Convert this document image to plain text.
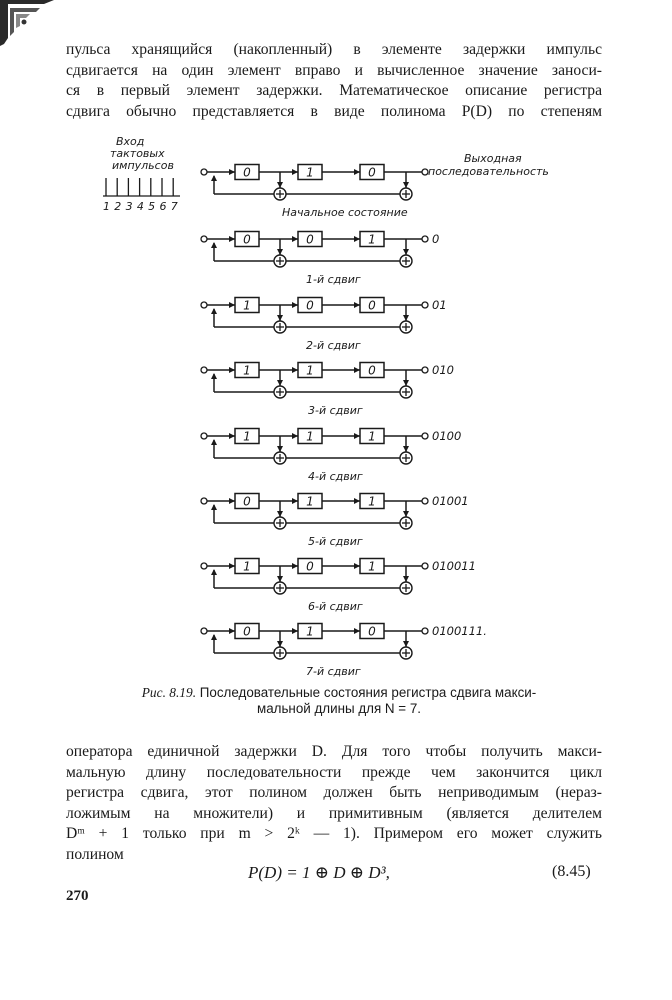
пульса хранящийся (накопленный) в элементе задержки импульс
сдвигается на один элемент вправо и вычисленное значение заноси-
ся в первый элемент задержки. Математическое описание регистра
сдвига обычно представляется в виде полинома P(D) по степеням
Вход
тактовых
импульсов
1 2 3 4 5 6 7
Выходная
последовательность
0	1	0
Начальное состояние
0	0	1	0
1-й сдвиг
1	0	0	01
2-й сдвиг
1	1	0	010
3-й сдвиг
1	1	1	0100
4-й сдвиг
0	1	1	01001
5-й сдвиг
1	0	1	010011
6-й сдвиг
0	1	0	0100111.
7-й сдвиг
Рис. 8.19. Последовательные состояния регистра сдвига макси-
мальной длины для N = 7.
оператора единичной задержки D. Для того чтобы получить макси-
мальную длину последовательности прежде чем закончится цикл
регистра сдвига, этот полином должен быть неприводимым (нераз-
ложимым на множители) и примитивным (является делителем
Dᵐ + 1 только при m > 2ᵏ — 1). Примером его может служить
полином
P(D) = 1 ⊕ D ⊕ D³,	(8.45)
270
